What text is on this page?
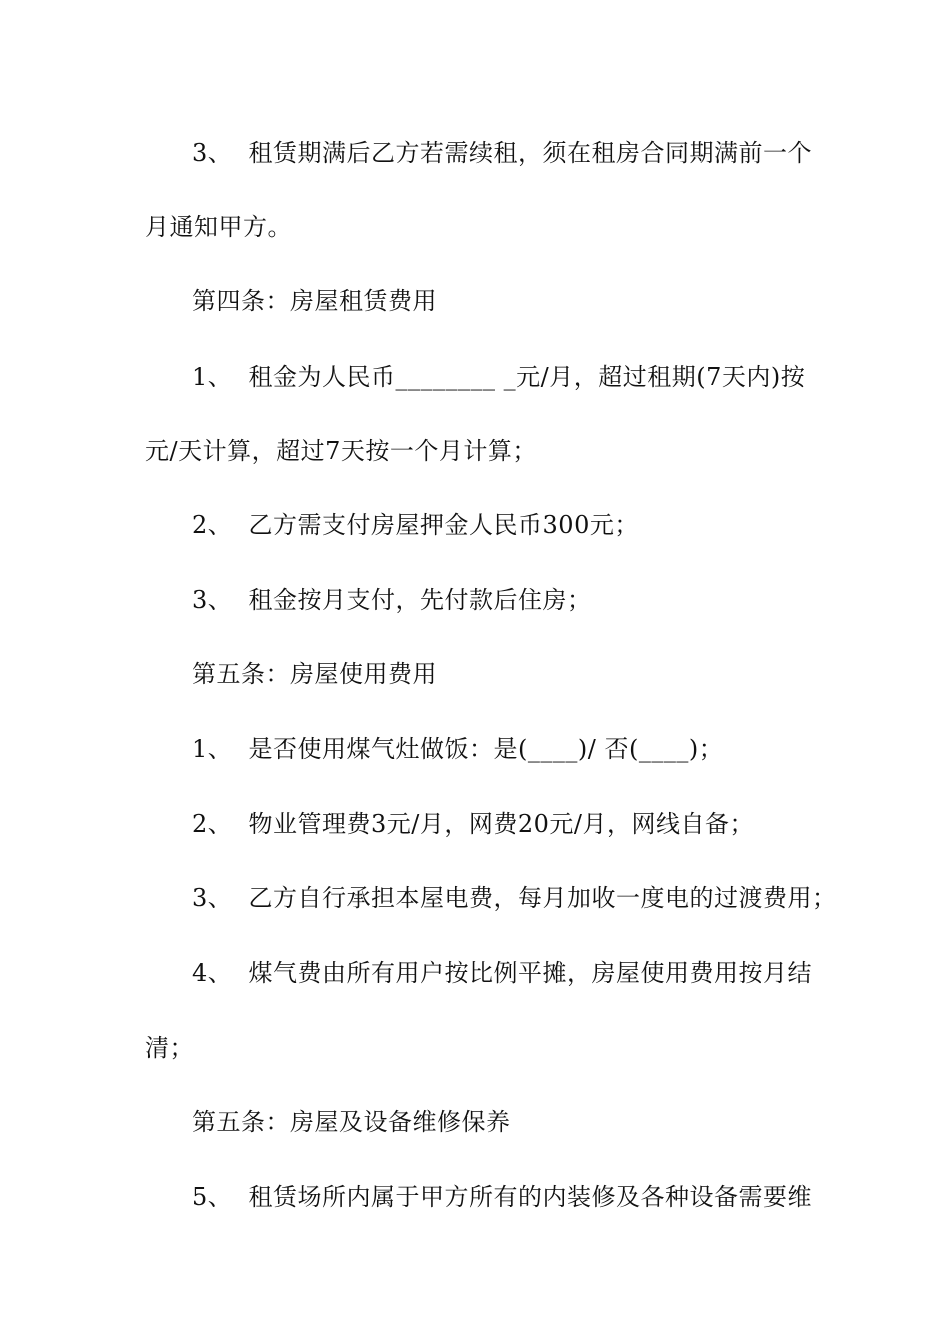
3、  租赁期满后乙方若需续租，须在租房合同期满前一个
月通知甲方。
第四条：房屋租赁费用
1、  租金为人民币________ _元/月，超过租期(7天内)按
元/天计算，超过7天按一个月计算；
2、  乙方需支付房屋押金人民币300元；
3、  租金按月支付，先付款后住房；
第五条：房屋使用费用
1、  是否使用煤气灶做饭：是(____)/ 否(____)；
2、  物业管理费3元/月，网费20元/月，网线自备；
3、  乙方自行承担本屋电费，每月加收一度电的过渡费用；
4、  煤气费由所有用户按比例平摊，房屋使用费用按月结
清；
第五条：房屋及设备维修保养
5、  租赁场所内属于甲方所有的内装修及各种设备需要维
